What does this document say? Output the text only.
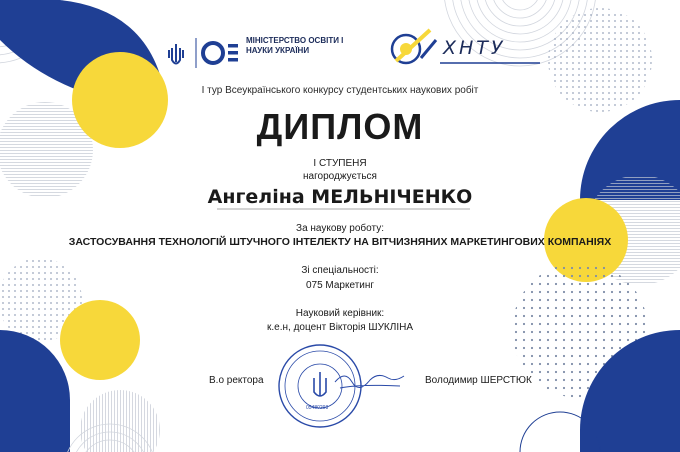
МІНІСТЕРСТВО ОСВІТИ І НАУКИ УКРАЇНИ	ХНТУ
І тур Всеукраїнського конкурсу студентських наукових робіт
ДИПЛОМ
І СТУПЕНЯ
нагороджується
Ангеліна МЕЛЬНІЧЕНКО
За наукову роботу:
ЗАСТОСУВАННЯ ТЕХНОЛОГІЙ ШТУЧНОГО ІНТЕЛЕКТУ НА ВІТЧИЗНЯНИХ МАРКЕТИНГОВИХ КОМПАНІЯХ
Зі спеціальності:
075 Маркетинг
Науковий керівник:
к.е.н, доцент Вікторія ШУКЛІНА
В.о ректора	Володимир ШЕРСТЮК
05480298
